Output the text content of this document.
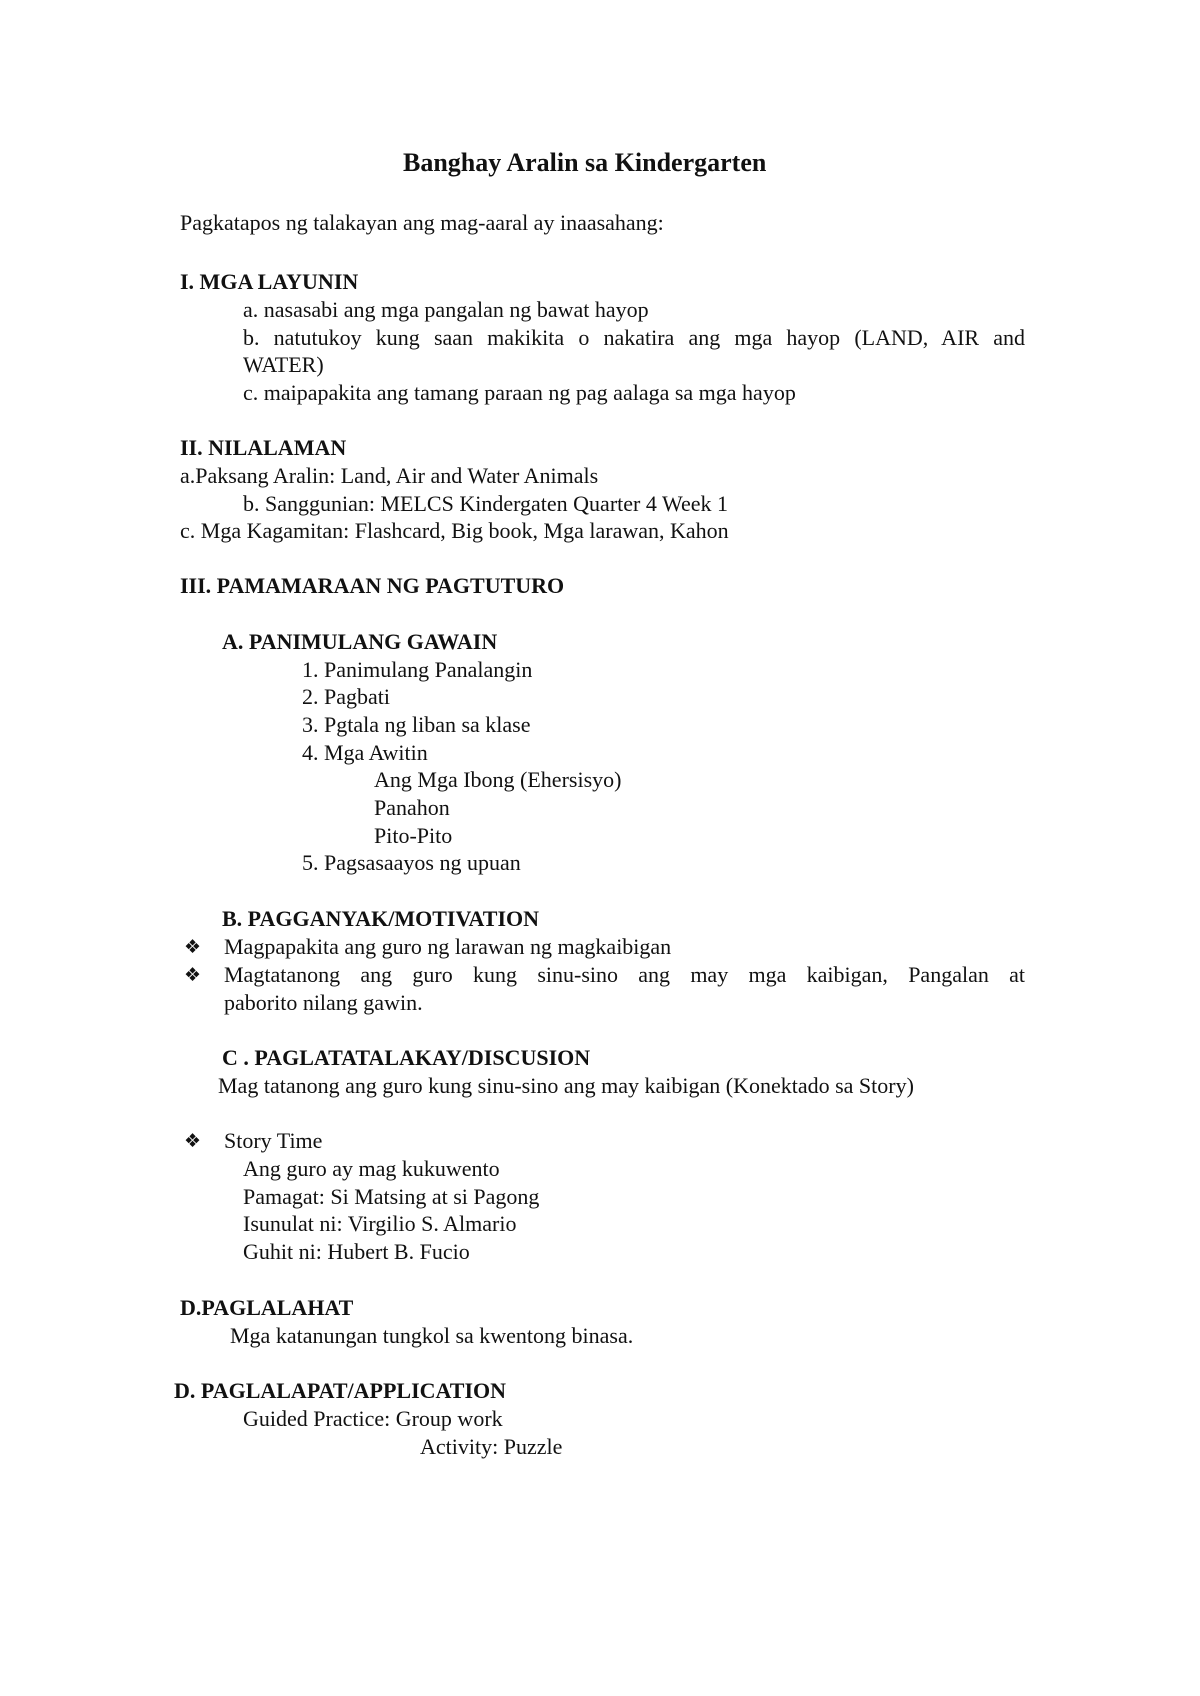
Banghay Aralin sa Kindergarten
Pagkatapos ng talakayan ang mag-aaral ay inaasahang:
I. MGA LAYUNIN
a. nasasabi ang mga pangalan ng bawat hayop
b. natutukoy kung saan makikita o nakatira ang mga hayop (LAND, AIR and
WATER)
c. maipapakita ang tamang paraan ng pag aalaga sa mga hayop
II. NILALAMAN
a.Paksang Aralin: Land, Air and Water Animals
b. Sanggunian: MELCS Kindergaten Quarter 4 Week 1
c. Mga Kagamitan: Flashcard, Big book, Mga larawan, Kahon
III. PAMAMARAAN NG PAGTUTURO
A. PANIMULANG GAWAIN
1. Panimulang Panalangin
2. Pagbati
3. Pgtala ng liban sa klase
4. Mga Awitin
Ang Mga Ibong (Ehersisyo)
Panahon
Pito-Pito
5. Pagsasaayos ng upuan
B. PAGGANYAK/MOTIVATION
❖ Magpapakita ang guro ng larawan ng magkaibigan
❖ Magtatanong ang guro kung sinu-sino ang may mga kaibigan, Pangalan at
paborito nilang gawin.
C . PAGLATATALAKAY/DISCUSION
Mag tatanong ang guro kung sinu-sino ang may kaibigan (Konektado sa Story)
❖ Story Time
Ang guro ay mag kukuwento
Pamagat: Si Matsing at si Pagong
Isunulat ni: Virgilio S. Almario
Guhit ni: Hubert B. Fucio
D.PAGLALAHAT
Mga katanungan tungkol sa kwentong binasa.
D. PAGLALAPAT/APPLICATION
Guided Practice: Group work
Activity: Puzzle
